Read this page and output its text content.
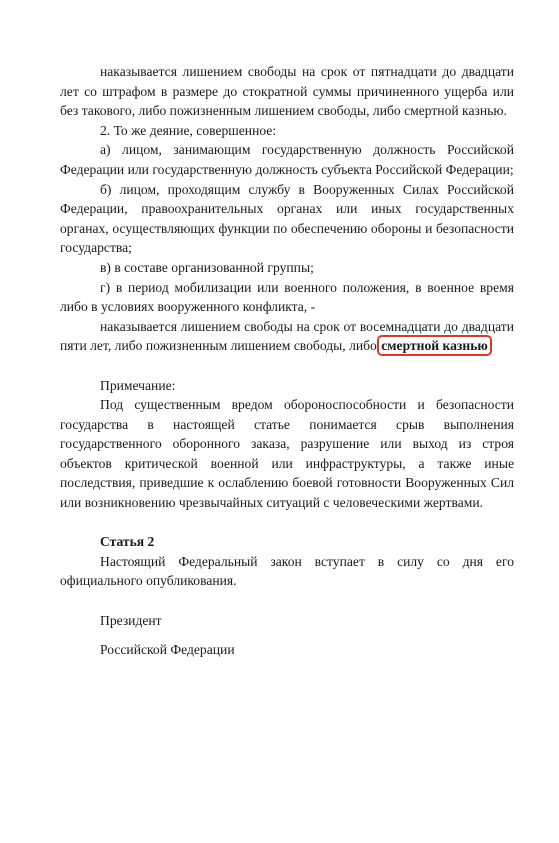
наказывается лишением свободы на срок от пятнадцати до двадцати лет со штрафом в размере до стократной суммы причиненного ущерба или без такового, либо пожизненным лишением свободы, либо смертной казнью.

2. То же деяние, совершенное:

а) лицом, занимающим государственную должность Российской Федерации или государственную должность субъекта Российской Федерации;

б) лицом, проходящим службу в Вооруженных Силах Российской Федерации, правоохранительных органах или иных государственных органах, осуществляющих функции по обеспечению обороны и безопасности государства;

в) в составе организованной группы;

г) в период мобилизации или военного положения, в военное время либо в условиях вооруженного конфликта, -

наказывается лишением свободы на срок от восемнадцати до двадцати пяти лет, либо пожизненным лишением свободы, либо смертной казнью.

Примечание:

Под существенным вредом обороноспособности и безопасности государства в настоящей статье понимается срыв выполнения государственного оборонного заказа, разрушение или выход из строя объектов критической военной или инфраструктуры, а также иные последствия, приведшие к ослаблению боевой готовности Вооруженных Сил или возникновению чрезвычайных ситуаций с человеческими жертвами.

Статья 2

Настоящий Федеральный закон вступает в силу со дня его официального опубликования.

Президент

Российской Федерации
